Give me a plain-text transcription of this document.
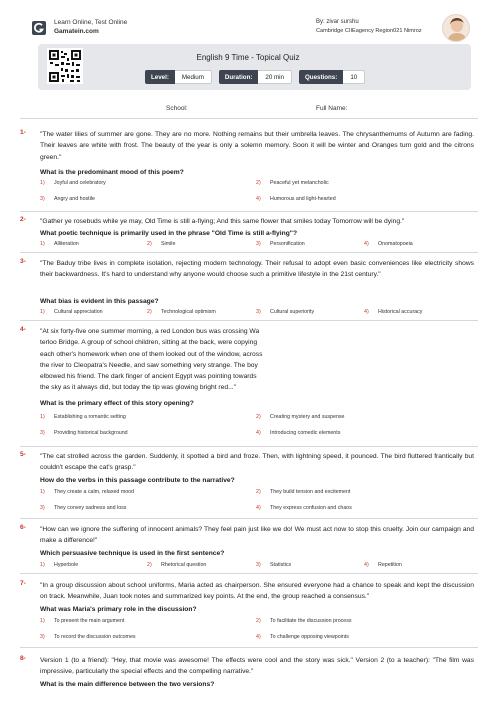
Learn Online, Test Online
Gamatein.com
By: zivar surshu
Cambridge CIIEagency Region021 Nimroz
English 9 Time - Topical Quiz
Level:	Medium	Duration:	20 min	Questions:	10
School:	Full Name:
1- "The water lilies of summer are gone. They are no more. Nothing remains but their umbrella leaves. The chrysanthemums of Autumn are fading. Their leaves are white with frost. The beauty of the year is only a solemn memory. Soon it will be winter and Oranges turn gold and the citrons green."
What is the predominant mood of this poem?
1) Joyful and celebratory	2) Peaceful yet melancholic
3) Angry and hostile	4) Humorous and light-hearted
2- "Gather ye rosebuds while ye may, Old Time is still a-flying; And this same flower that smiles today Tomorrow will be dying."
What poetic technique is primarily used in the phrase "Old Time is still a-flying"?
1) Alliteration	2) Simile	3) Personification	4) Onomatopoeia
3- "The Baduy tribe lives in complete isolation, rejecting modern technology. Their refusal to adopt even basic conveniences like electricity shows their backwardness. It's hard to understand why anyone would choose such a primitive lifestyle in the 21st century."
What bias is evident in this passage?
1) Cultural appreciation	2) Technological optimism	3) Cultural superiority	4) Historical accuracy
4- "At six forty-five one summer morning, a red London bus was crossing Wa
terloo Bridge. A group of school children, sitting at the back, were copying
each other's homework when one of them looked out of the window, across
the river to Cleopatra's Needle, and saw something very strange. The boy
elbowed his friend. The dark finger of ancient Egypt was pointing towards
the sky as it always did, but today the tip was glowing bright red..."
What is the primary effect of this story opening?
1) Establishing a romantic setting	2) Creating mystery and suspense
3) Providing historical background	4) Introducing comedic elements
5- "The cat strolled across the garden. Suddenly, it spotted a bird and froze. Then, with lightning speed, it pounced. The bird fluttered frantically but couldn't escape the cat's grasp."
How do the verbs in this passage contribute to the narrative?
1) They create a calm, relaxed mood	2) They build tension and excitement
3) They convey sadness and loss	4) They express confusion and chaos
6- "How can we ignore the suffering of innocent animals? They feel pain just like we do! We must act now to stop this cruelty. Join our campaign and make a difference!"
Which persuasive technique is used in the first sentence?
1) Hyperbole	2) Rhetorical question	3) Statistics	4) Repetition
7- "In a group discussion about school uniforms, Maria acted as chairperson. She ensured everyone had a chance to speak and kept the discussion on track. Meanwhile, Juan took notes and summarized key points. At the end, the group reached a consensus."
What was Maria's primary role in the discussion?
1) To present the main argument	2) To facilitate the discussion process
3) To record the discussion outcomes	4) To challenge opposing viewpoints
8- Version 1 (to a friend): "Hey, that movie was awesome! The effects were cool and the story was sick." Version 2 (to a teacher): "The film was impressive, particularly the special effects and the compelling narrative."
What is the main difference between the two versions?
